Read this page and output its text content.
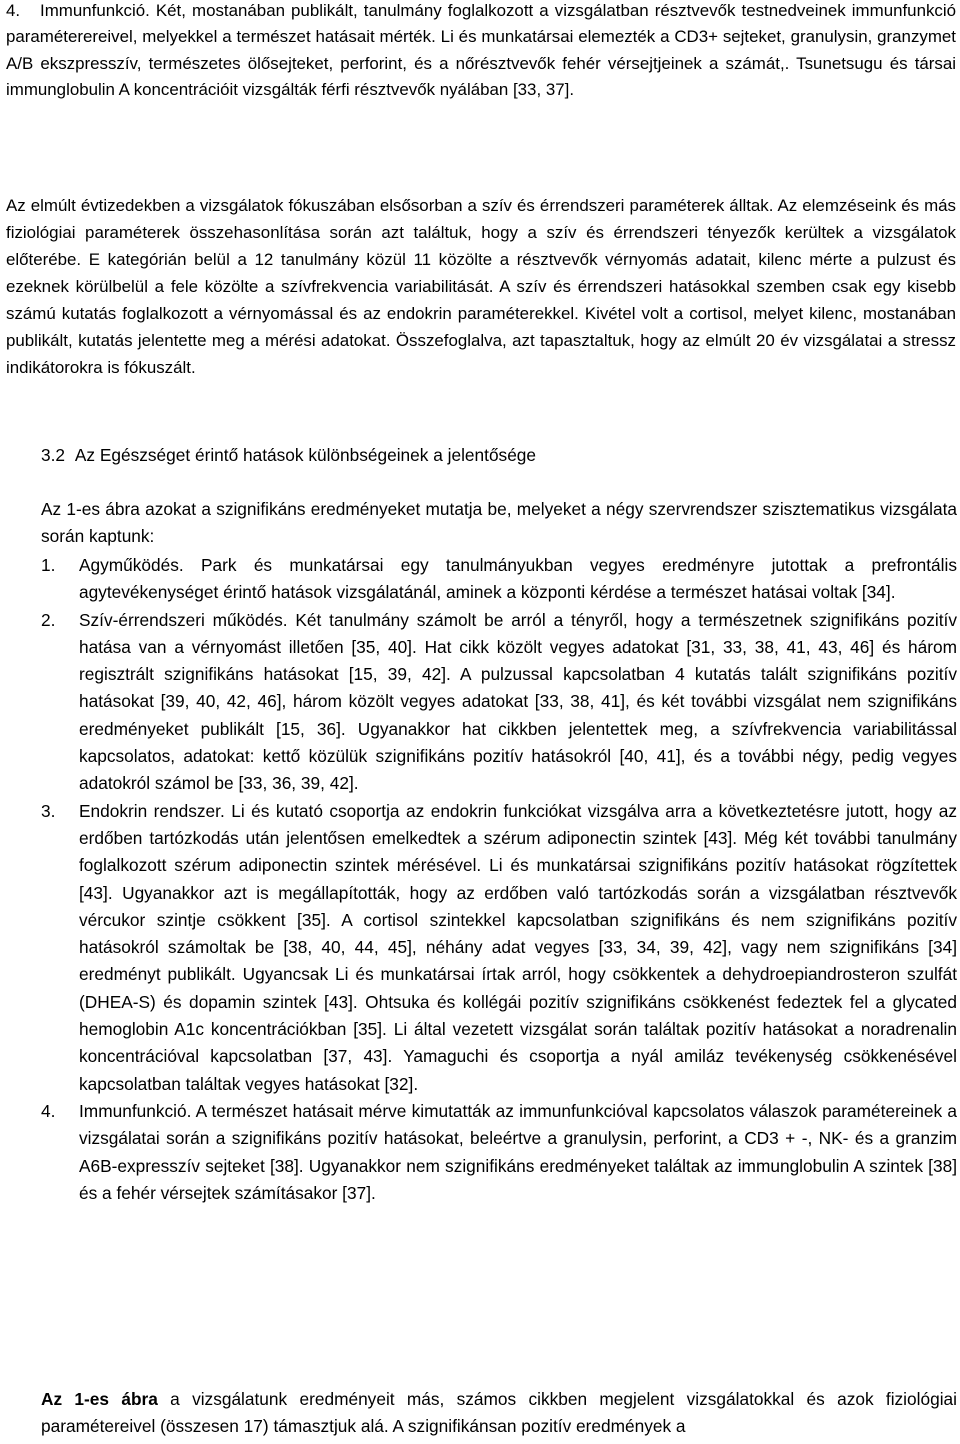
4.	Immunfunkció. Két, mostanában publikált, tanulmány foglalkozott a vizsgálatban résztvevők testnedveinek immunfunkció paraméterereivel, melyekkel a természet hatásait mérték. Li és munkatársai elemezték a CD3+ sejteket, granulysin, granzymet A/B ekszpresszív, természetes ölősejteket, perforint, és a nőrésztvevők fehér vérsejtjeinek a számát,. Tsunetsugu és társai immunglobulin A koncentrációit vizsgálták férfi résztvevők nyálában [33, 37].

Az elmúlt évtizedekben a vizsgálatok fókuszában elsősorban a szív és érrendszeri paraméterek álltak. Az elemzéseink és más fiziológiai paraméterek összehasonlítása során azt találtuk, hogy a szív és érrendszeri tényezők kerültek a vizsgálatok előterébe. E kategórián belül a 12 tanulmány közül 11 közölte a résztvevők vérnyomás adatait, kilenc mérte a pulzust és ezeknek körülbelül a fele közölte a szívfrekvencia variabilitását. A szív és érrendszeri hatásokkal szemben csak egy kisebb számú kutatás foglalkozott a vérnyomással és az endokrin paraméterekkel. Kivétel volt a cortisol, melyet kilenc, mostanában publikált, kutatás jelentette meg a mérési adatokat. Összefoglalva, azt tapasztaltuk, hogy az elmúlt 20 év vizsgálatai a stressz indikátorokra is fókuszált.

3.2 Az Egészséget érintő hatások különbségeinek a jelentősége

Az 1-es ábra azokat a szignifikáns eredményeket mutatja be, melyeket a négy szervrendszer szisztematikus vizsgálata során kaptunk:

1. Agyműködés. Park és munkatársai egy tanulmányukban vegyes eredményre jutottak a prefrontális agytevékenységet érintő hatások vizsgálatánál, aminek a központi kérdése a természet hatásai voltak [34].

2. Szív-érrendszeri működés. Két tanulmány számolt be arról a tényről, hogy a természetnek szignifikáns pozitív hatása van a vérnyomást illetően [35, 40]. Hat cikk közölt vegyes adatokat [31, 33, 38, 41, 43, 46] és három regisztrált szignifikáns hatásokat [15, 39, 42]. A pulzussal kapcsolatban 4 kutatás talált szignifikáns pozitív hatásokat [39, 40, 42, 46], három közölt vegyes adatokat [33, 38, 41], és két további vizsgálat nem szignifikáns eredményeket publikált [15, 36]. Ugyanakkor hat cikkben jelentettek meg, a szívfrekvencia variabilitással kapcsolatos, adatokat: kettő közülük szignifikáns pozitív hatásokról [40, 41], és a további négy, pedig vegyes adatokról számol be [33, 36, 39, 42].

3. Endokrin rendszer. Li és kutató csoportja az endokrin funkciókat vizsgálva arra a következtetésre jutott, hogy az erdőben tartózkodás után jelentősen emelkedtek a szérum adiponectin szintek [43]. Még két további tanulmány foglalkozott szérum adiponectin szintek mérésével. Li és munkatársai szignifikáns pozitív hatásokat rögzítettek [43]. Ugyanakkor azt is megállapították, hogy az erdőben való tartózkodás során a vizsgálatban résztvevők vércukor szintje csökkent [35]. A cortisol szintekkel kapcsolatban szignifikáns és nem szignifikáns pozitív hatásokról számoltak be [38, 40, 44, 45], néhány adat vegyes [33, 34, 39, 42], vagy nem szignifikáns [34] eredményt publikált. Ugyancsak Li és munkatársai írtak arról, hogy csökkentek a dehydroepiandrosteron szulfát (DHEA-S) és dopamin szintek [43]. Ohtsuka és kollégái pozitív szignifikáns csökkenést fedeztek fel a glycated hemoglobin A1c koncentrációkban [35]. Li által vezetett vizsgálat során találtak pozitív hatásokat a noradrenalin koncentrációval kapcsolatban [37, 43]. Yamaguchi és csoportja a nyál amiláz tevékenység csökkenésével kapcsolatban találtak vegyes hatásokat [32].

4. Immunfunkció. A természet hatásait mérve kimutatták az immunfunkcióval kapcsolatos válaszok paramétereinek a vizsgálatai során a szignifikáns pozitív hatásokat, beleértve a granulysin, perforint, a CD3 + -, NK- és a granzim A6B-expresszív sejteket [38]. Ugyanakkor nem szignifikáns eredményeket találtak az immunglobulin A szintek [38] és a fehér vérsejtek számításakor [37].

Az 1-es ábra a vizsgálatunk eredményeit más, számos cikkben megjelent vizsgálatokkal és azok fiziológiai paramétereivel (összesen 17) támasztjuk alá. A szignifikánsan pozitív eredmények a
